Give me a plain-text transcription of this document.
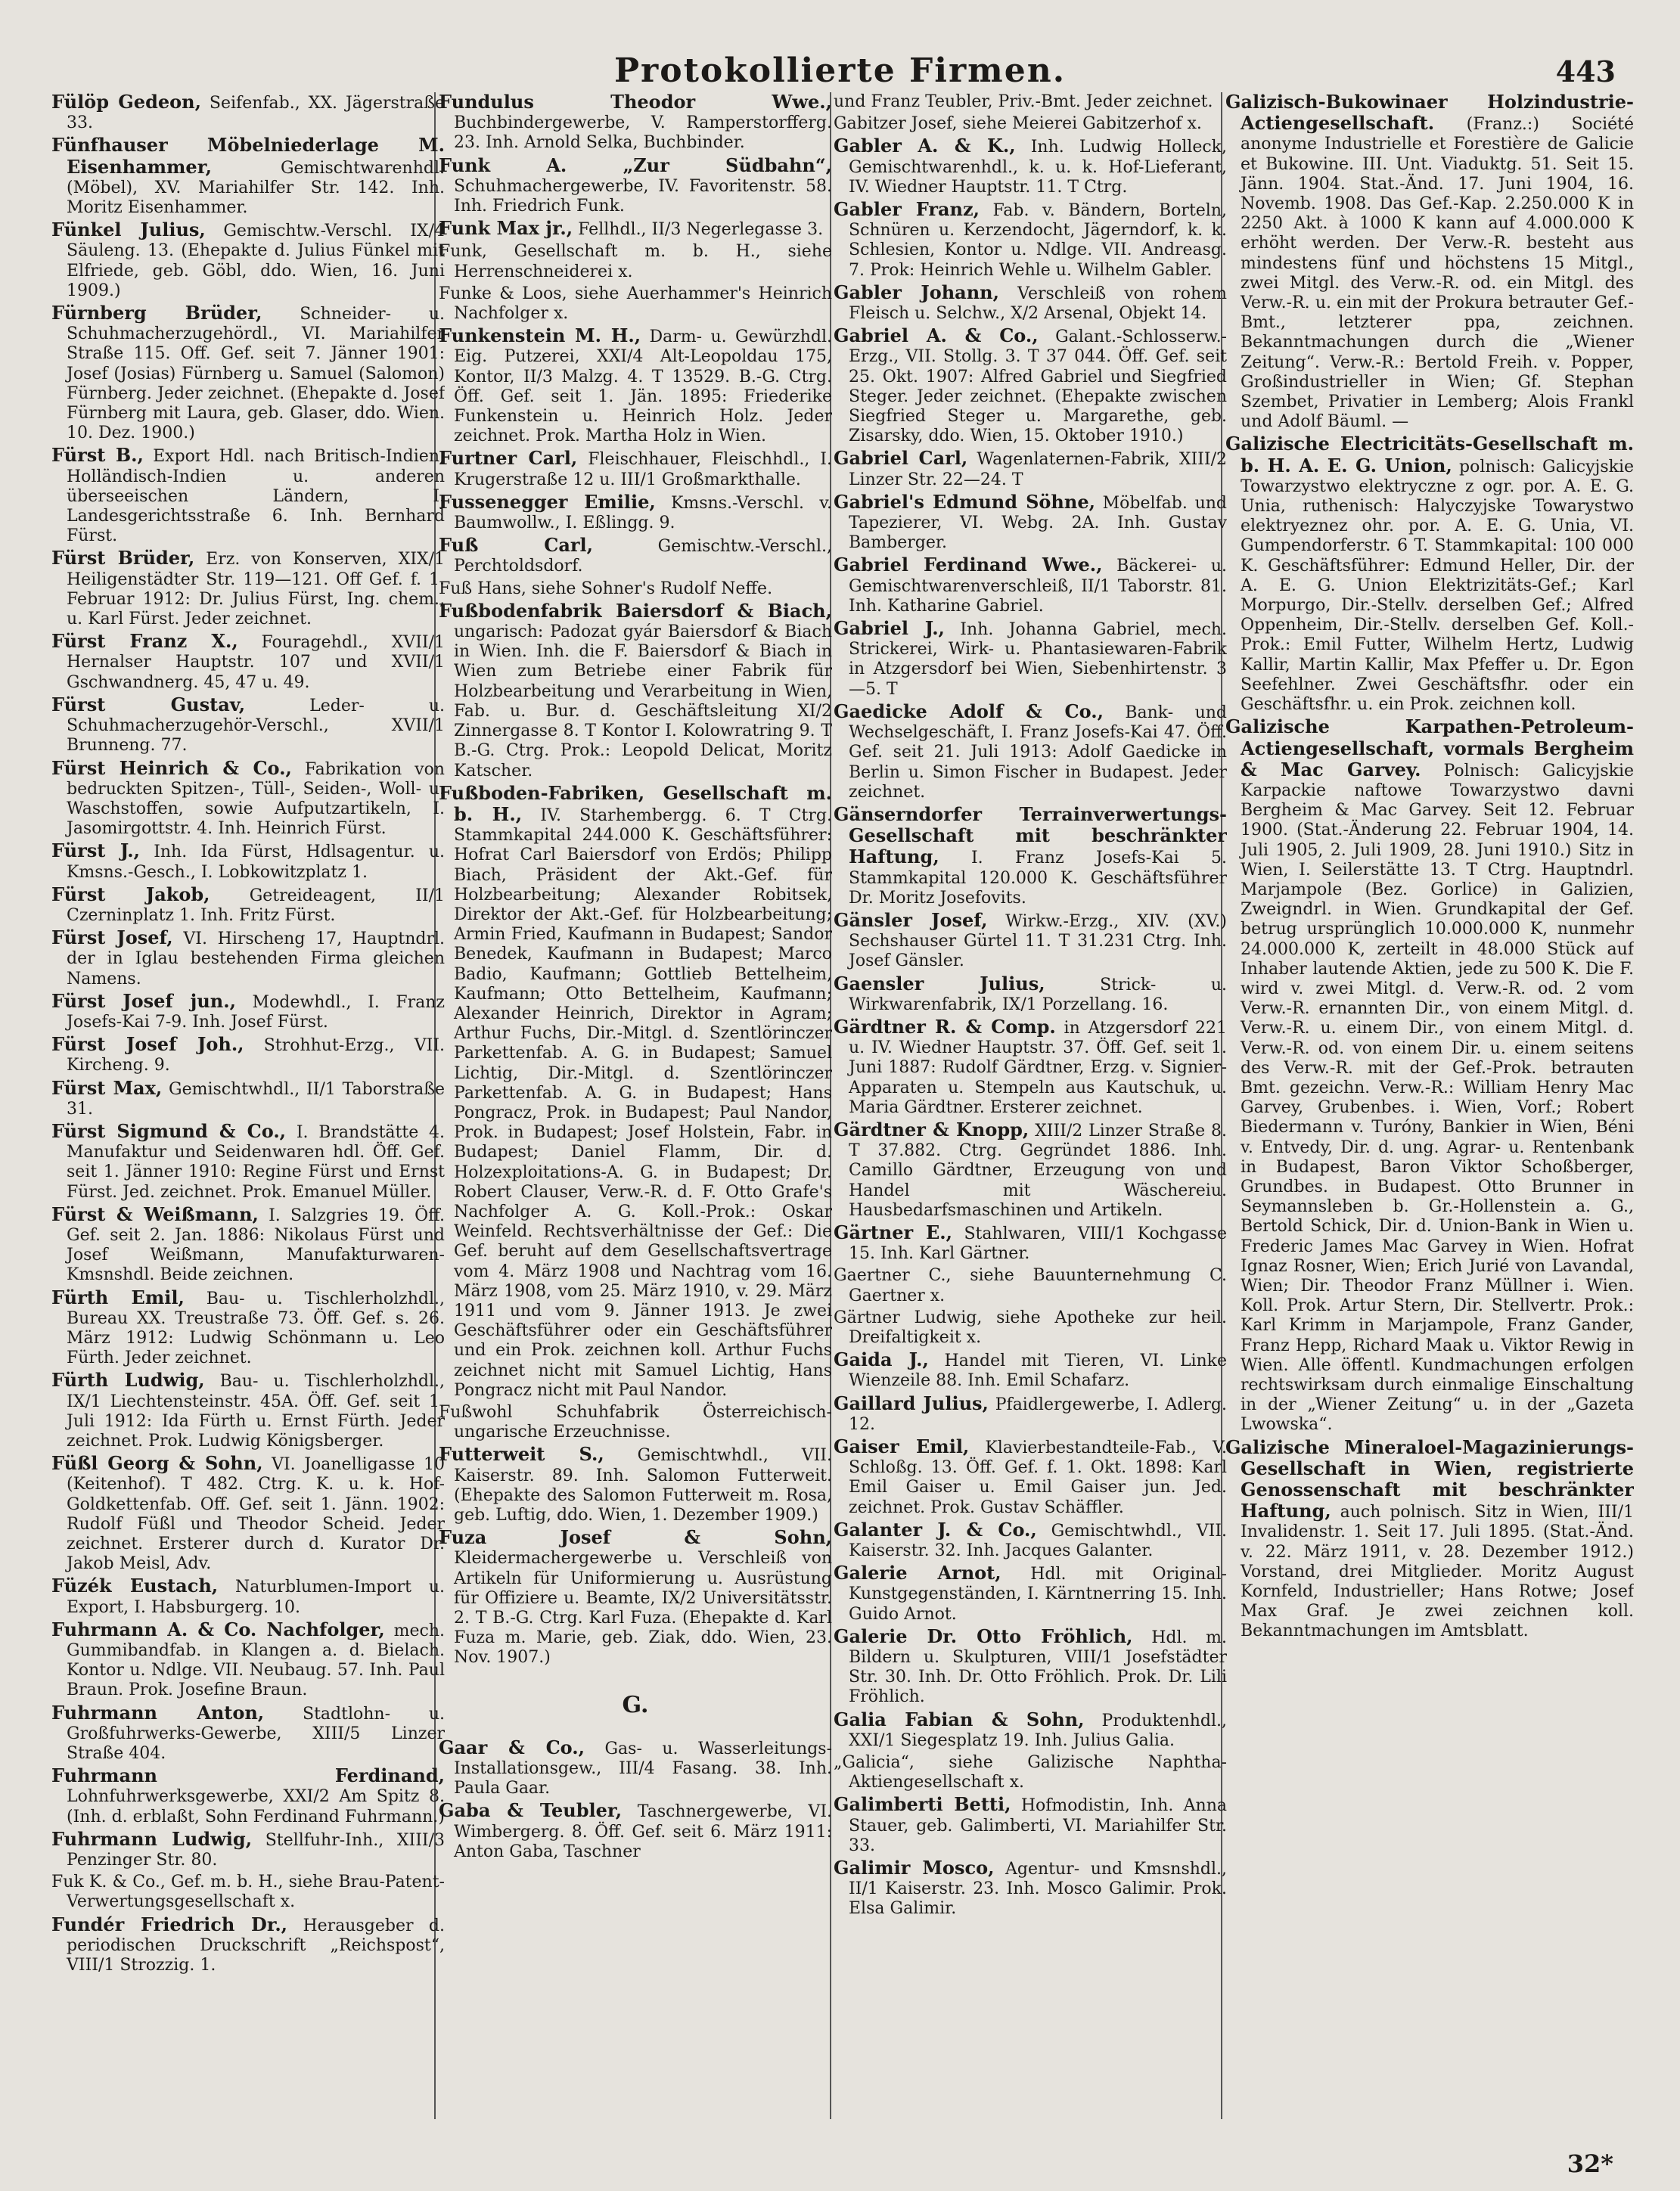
Protokollierte Firmen.	443
Fülöp Gedeon, Seifenfab., XX. Jägerstraße 33.
Fünfhauser Möbelniederlage M. Eisenhammer,	Gemischtwarenhdl. (Möbel), XV. Mariahilfer Str. 142. Inh. Moritz Eisenhammer.
Fünkel Julius, Gemischtw.-Verschl. IX/4 Säuleng. 13. (Ehepakte d. Julius Fünkel mit Elfriede, geb. Göbl, ddo. Wien, 16. Juni 1909.)
Fürnberg Brüder, Schneider- u. Schuhmacherzugehördl., VI. Mariahilfer Straße 115. Off. Gef. seit 7. Jänner 1901: Josef (Josias) Fürnberg u. Samuel (Salomon) Fürnberg. Jeder zeichnet. (Ehepakte d. Josef Fürnberg mit Laura, geb. Glaser, ddo. Wien. 10. Dez. 1900.)
Fürst B., Export Hdl. nach Britisch-Indien, Holländisch-Indien u. anderen überseeischen Ländern, I. Landesgerichtsstraße 6. Inh. Bernhard Fürst.
Fürst Brüder, Erz. von Konserven, XIX/1 Heiligenstädter Str. 119—121. Off Gef. f. 1. Februar 1912: Dr. Julius Fürst, Ing. chem., u. Karl Fürst. Jeder zeichnet.
Fürst Franz X., Fouragehdl., XVII/1 Hernalser Hauptstr. 107 und XVII/1 Gschwandnerg. 45, 47 u. 49.
Fürst Gustav,	Leder- u. Schuhmacherzugehör-Verschl., XVII/1 Brunneng. 77.
Fürst Heinrich & Co., Fabrikation von bedruckten Spitzen-, Tüll-, Seiden-, Woll- u. Waschstoffen, sowie Aufputzartikeln, I. Jasomirgottstr. 4. Inh. Heinrich Fürst.
Fürst J., Inh. Ida Fürst, Hdlsagentur. u. Kmsns.-Gesch., I. Lobkowitzplatz 1.
Fürst Jakob, Getreideagent, II/1 Czerninplatz 1. Inh. Fritz Fürst.
Fürst Josef, VI. Hirscheng 17, Hauptndrl. der in Iglau bestehenden Firma gleichen Namens.
Fürst Josef jun., Modewhdl., I. Franz Josefs-Kai 7-9. Inh. Josef Fürst.
Fürst Josef Joh., Strohhut-Erzg., VII. Kircheng. 9.
Fürst Max, Gemischtwhdl., II/1 Taborstraße 31.
Fürst Sigmund & Co., I. Brandstätte 4. Manufaktur und Seidenwaren hdl. Öff. Gef. seit 1. Jänner 1910: Regine Fürst und Ernst Fürst. Jed. zeichnet. Prok. Emanuel Müller.
Fürst & Weißmann, I. Salzgries 19. Öff. Gef. seit 2. Jan. 1886: Nikolaus Fürst und Josef Weißmann, Manufakturwaren-Kmsnshdl. Beide zeichnen.
Fürth Emil, Bau- u. Tischlerholzhdl., Bureau XX. Treustraße 73. Öff. Gef. s. 26. März 1912: Ludwig Schönmann u. Leo Fürth. Jeder zeichnet.
Fürth Ludwig, Bau- u. Tischlerholzhdl., IX/1 Liechtensteinstr. 45A. Öff. Gef. seit 1. Juli 1912: Ida Fürth u. Ernst Fürth. Jeder zeichnet. Prok. Ludwig Königsberger.
Füßl Georg & Sohn, VI. Joanelligasse 10 (Keitenhof). T 482. Ctrg. K. u. k. Hof-Goldkettenfab. Off. Gef. seit 1. Jänn. 1902: Rudolf Füßl und Theodor Scheid. Jeder zeichnet. Ersterer durch d. Kurator Dr. Jakob Meisl, Adv.
Füzék Eustach, Naturblumen-Import u. Export, I. Habsburgerg. 10.
Fuhrmann A. & Co. Nachfolger, mech. Gummibandfab. in Klangen a. d. Bielach. Kontor u. Ndlge. VII. Neubaug. 57. Inh. Paul Braun. Prok. Josefine Braun.
Fuhrmann Anton, Stadtlohn- u. Großfuhrwerks-Gewerbe, XIII/5 Linzer Straße 404.
Fuhrmann Ferdinand, Lohnfuhrwerksgewerbe, XXI/2 Am Spitz 8. (Inh. d. erblaßt, Sohn Ferdinand Fuhrmann.)
Fuhrmann Ludwig, Stellfuhr-Inh., XIII/3 Penzinger Str. 80.
Fuk K. & Co., Gef. m. b. H., siehe Brau-Patent-Verwertungsgesellschaft x.
Fundér Friedrich Dr., Herausgeber d. periodischen Druckschrift „Reichspost“, VIII/1 Strozzig. 1.
Fundulus Theodor Wwe., Buchbindergewerbe, V. Ramperstorfferg. 23. Inh. Arnold Selka, Buchbinder.
Funk A. „Zur Südbahn“, Schuhmachergewerbe, IV. Favoritenstr. 58. Inh. Friedrich Funk.
Funk Max jr., Fellhdl., II/3 Negerlegasse 3.
Funk, Gesellschaft m. b. H., siehe Herrenschneiderei x.
Funke & Loos, siehe Auerhammer's Heinrich Nachfolger x.
Funkenstein M. H., Darm- u. Gewürzhdl. Eig. Putzerei, XXI/4 Alt-Leopoldau 175, Kontor, II/3 Malzg. 4. T 13529. B.-G. Ctrg. Öff. Gef. seit 1. Jän. 1895: Friederike Funkenstein u. Heinrich Holz. Jeder zeichnet. Prok. Martha Holz in Wien.
Furtner Carl, Fleischhauer, Fleischhdl., I. Krugerstraße 12 u. III/1 Großmarkthalle.
Fussenegger Emilie, Kmsns.-Verschl. v. Baumwollw., I. Eßlingg. 9.
Fuß Carl,	Gemischtw.-Verschl., Perchtoldsdorf.
Fuß Hans, siehe Sohner's Rudolf Neffe.
Fußbodenfabrik Baiersdorf & Biach, ungarisch: Padozat gyár Baiersdorf & Biach in Wien. Inh. die F. Baiersdorf & Biach in Wien zum Betriebe einer Fabrik für Holzbearbeitung und Verarbeitung in Wien, Fab. u. Bur. d. Geschäftsleitung XI/2 Zinnergasse 8. T Kontor I. Kolowratring 9. T B.-G. Ctrg. Prok.: Leopold Delicat, Moritz Katscher.
Fußboden-Fabriken, Gesellschaft m. b. H., IV. Starhembergg. 6. T Ctrg. Stammkapital 244.000 K. Geschäftsführer: Hofrat Carl Baiersdorf von Erdös; Philipp Biach, Präsident der Akt.-Gef. für Holzbearbeitung; Alexander Robitsek, Direktor der Akt.-Gef. für Holzbearbeitung; Armin Fried, Kaufmann in Budapest; Sandor Benedek, Kaufmann in Budapest; Marco Badio, Kaufmann; Gottlieb Bettelheim, Kaufmann; Otto Bettelheim, Kaufmann; Alexander Heinrich, Direktor in Agram; Arthur Fuchs, Dir.-Mitgl. d. Szentlörinczer Parkettenfab. A. G. in Budapest; Samuel Lichtig, Dir.-Mitgl. d. Szentlörinczer Parkettenfab. A. G. in Budapest; Hans Pongracz, Prok. in Budapest; Paul Nandor, Prok. in Budapest; Josef Holstein, Fabr. in Budapest; Daniel Flamm, Dir. d. Holzexploitations-A. G. in Budapest; Dr. Robert Clauser, Verw.-R. d. F. Otto Grafe's Nachfolger A. G. Koll.-Prok.: Oskar Weinfeld. Rechtsverhältnisse der Gef.: Die Gef. beruht auf dem Gesellschaftsvertrage vom 4. März 1908 und Nachtrag vom 16. März 1908, vom 25. März 1910, v. 29. März 1911 und vom 9. Jänner 1913. Je zwei Geschäftsführer oder ein Geschäftsführer und ein Prok. zeichnen koll. Arthur Fuchs zeichnet nicht mit Samuel Lichtig, Hans Pongracz nicht mit Paul Nandor.
Fußwohl Schuhfabrik Österreichisch-ungarische Erzeuchnisse.
Futterweit S., Gemischtwhdl., VII. Kaiserstr. 89. Inh. Salomon Futterweit. (Ehepakte des Salomon Futterweit m. Rosa, geb. Luftig, ddo. Wien, 1. Dezember 1909.)
Fuza Josef & Sohn, Kleidermachergewerbe u. Verschleiß von Artikeln für Uniformierung u. Ausrüstung für Offiziere u. Beamte, IX/2 Universitätsstr. 2. T B.-G. Ctrg. Karl Fuza. (Ehepakte d. Karl Fuza m. Marie, geb. Ziak, ddo. Wien, 23. Nov. 1907.)
G.
Gaar & Co., Gas- u. Wasserleitungs-Installationsgew., III/4 Fasang. 38. Inh. Paula Gaar.
Gaba & Teubler, Taschnergewerbe, VI. Wimbergerg. 8. Öff. Gef. seit 6. März 1911: Anton Gaba, Taschner
und Franz Teubler, Priv.-Bmt. Jeder zeichnet.
Gabitzer Josef, siehe Meierei Gabitzerhof x.
Gabler A. & K., Inh. Ludwig Holleck, Gemischtwarenhdl., k. u. k. Hof-Lieferant, IV. Wiedner Hauptstr. 11. T Ctrg.
Gabler Franz, Fab. v. Bändern, Borteln, Schnüren u. Kerzendocht, Jägerndorf, k. k. Schlesien, Kontor u. Ndlge. VII. Andreasg. 7. Prok: Heinrich Wehle u. Wilhelm Gabler.
Gabler Johann, Verschleiß von rohem Fleisch u. Selchw., X/2 Arsenal, Objekt 14.
Gabriel A. & Co., Galant.-Schlosserw.-Erzg., VII. Stollg. 3. T 37 044. Öff. Gef. seit 25. Okt. 1907: Alfred Gabriel und Siegfried Steger. Jeder zeichnet. (Ehepakte zwischen Siegfried Steger u. Margarethe, geb. Zisarsky, ddo. Wien, 15. Oktober 1910.)
Gabriel Carl, Wagenlaternen-Fabrik, XIII/2 Linzer Str. 22—24. T
Gabriel's Edmund Söhne, Möbelfab. und Tapezierer, VI. Webg. 2A. Inh. Gustav Bamberger.
Gabriel Ferdinand Wwe., Bäckerei- u. Gemischtwarenverschleiß, II/1 Taborstr. 81. Inh. Katharine Gabriel.
Gabriel J., Inh. Johanna Gabriel, mech. Strickerei, Wirk- u. Phantasiewaren-Fabrik in Atzgersdorf bei Wien, Siebenhirtenstr. 3 —5. T
Gaedicke Adolf & Co., Bank- und Wechselgeschäft, I. Franz Josefs-Kai 47. Öff. Gef. seit 21. Juli 1913: Adolf Gaedicke in Berlin u. Simon Fischer in Budapest. Jeder zeichnet.
Gänserndorfer Terrainverwertungs-Gesellschaft mit beschränkter Haftung, I. Franz Josefs-Kai 5. Stammkapital 120.000 K. Geschäftsführer Dr. Moritz Josefovits.
Gänsler Josef, Wirkw.-Erzg., XIV. (XV.) Sechshauser Gürtel 11. T 31.231 Ctrg. Inh. Josef Gänsler.
Gaensler Julius,	Strick- u. Wirkwarenfabrik, IX/1 Porzellang. 16.
Gärdtner R. & Comp. in Atzgersdorf 221 u. IV. Wiedner Hauptstr. 37. Öff. Gef. seit 1. Juni 1887: Rudolf Gärdtner, Erzg. v. Signier-Apparaten u. Stempeln aus Kautschuk, u. Maria Gärdtner. Ersterer zeichnet.
Gärdtner & Knopp, XIII/2 Linzer Straße 8. T 37.882. Ctrg. Gegründet 1886. Inh. Camillo Gärdtner, Erzeugung von und Handel mit Wäschereiu. Hausbedarfsmaschinen und Artikeln.
Gärtner E., Stahlwaren, VIII/1 Kochgasse 15. Inh. Karl Gärtner.
Gaertner C., siehe Bauunternehmung C. Gaertner x.
Gärtner Ludwig, siehe Apotheke zur heil. Dreifaltigkeit x.
Gaida J., Handel mit Tieren, VI. Linke Wienzeile 88. Inh. Emil Schafarz.
Gaillard Julius, Pfaidlergewerbe, I. Adlerg. 12.
Gaiser Emil, Klavierbestandteile-Fab., V. Schloßg. 13. Öff. Gef. f. 1. Okt. 1898: Karl Emil Gaiser u. Emil Gaiser jun. Jed. zeichnet. Prok. Gustav Schäffler.
Galanter J. & Co., Gemischtwhdl., VII. Kaiserstr. 32. Inh. Jacques Galanter.
Galerie Arnot, Hdl. mit Original-Kunstgegenständen, I. Kärntnerring 15. Inh. Guido Arnot.
Galerie Dr. Otto Fröhlich, Hdl. m. Bildern u. Skulpturen, VIII/1 Josefstädter Str. 30. Inh. Dr. Otto Fröhlich. Prok. Dr. Lili Fröhlich.
Galia Fabian & Sohn, Produktenhdl., XXI/1 Siegesplatz 19. Inh. Julius Galia.
„Galicia“, siehe Galizische Naphtha-Aktiengesellschaft x.
Galimberti Betti, Hofmodistin, Inh. Anna Stauer, geb. Galimberti, VI. Mariahilfer Str. 33.
Galimir Mosco, Agentur- und Kmsnshdl., II/1 Kaiserstr. 23. Inh. Mosco Galimir. Prok. Elsa Galimir.
Galizisch-Bukowinaer Holzindustrie-Actiengesellschaft. (Franz.:) Société anonyme Industrielle et Forestière de Galicie et Bukowine. III. Unt. Viaduktg. 51. Seit 15. Jänn. 1904. Stat.-Änd. 17. Juni 1904, 16. Novemb. 1908. Das Gef.-Kap. 2.250.000 K in 2250 Akt. à 1000 K kann auf 4.000.000 K erhöht werden. Der Verw.-R. besteht aus mindestens fünf und höchstens 15 Mitgl., zwei Mitgl. des Verw.-R. od. ein Mitgl. des Verw.-R. u. ein mit der Prokura betrauter Gef.-Bmt., letzterer ppa, zeichnen. Bekanntmachungen durch die „Wiener Zeitung“. Verw.-R.: Bertold Freih. v. Popper, Großindustrieller in Wien; Gf. Stephan Szembet, Privatier in Lemberg; Alois Frankl und Adolf Bäuml. —
Galizische Electricitäts-Gesellschaft m. b. H. A. E. G. Union, polnisch: Galicyjskie Towarzystwo elektryczne z ogr. por. A. E. G. Unia, ruthenisch: Halyczyjske Towarystwo elektryeznez ohr. por. A. E. G. Unia, VI. Gumpendorferstr. 6 T. Stammkapital: 100 000 K. Geschäftsführer: Edmund Heller, Dir. der A. E. G. Union Elektrizitäts-Gef.; Karl Morpurgo, Dir.-Stellv. derselben Gef.; Alfred Oppenheim, Dir.-Stellv. derselben Gef. Koll.-Prok.: Emil Futter, Wilhelm Hertz, Ludwig Kallir, Martin Kallir, Max Pfeffer u. Dr. Egon Seefehlner. Zwei Geschäftsfhr. oder ein Geschäftsfhr. u. ein Prok. zeichnen koll.
Galizische Karpathen-Petroleum-Actiengesellschaft, vormals Bergheim & Mac Garvey. Polnisch: Galicyjskie Karpackie naftowe Towarzystwo davni Bergheim & Mac Garvey. Seit 12. Februar 1900. (Stat.-Änderung 22. Februar 1904, 14. Juli 1905, 2. Juli 1909, 28. Juni 1910.) Sitz in Wien, I. Seilerstätte 13. T Ctrg. Hauptndrl. Marjampole (Bez. Gorlice) in Galizien, Zweigndrl. in Wien. Grundkapital der Gef. betrug ursprünglich 10.000.000 K, nunmehr 24.000.000 K, zerteilt in 48.000 Stück auf Inhaber lautende Aktien, jede zu 500 K. Die F. wird v. zwei Mitgl. d. Verw.-R. od. 2 vom Verw.-R. ernannten Dir., von einem Mitgl. d. Verw.-R. u. einem Dir., von einem Mitgl. d. Verw.-R. od. von einem Dir. u. einem seitens des Verw.-R. mit der Gef.-Prok. betrauten Bmt. gezeichn. Verw.-R.: William Henry Mac Garvey, Grubenbes. i. Wien, Vorf.; Robert Biedermann v. Turóny, Bankier in Wien, Béni v. Entvedy, Dir. d. ung. Agrar- u. Rentenbank in Budapest, Baron Viktor Schoßberger, Grundbes. in Budapest. Otto Brunner in Seymannsleben b. Gr.-Hollenstein a. G., Bertold Schick, Dir. d. Union-Bank in Wien u. Frederic James Mac Garvey in Wien. Hofrat Ignaz Rosner, Wien; Erich Jurié von Lavandal, Wien; Dir. Theodor Franz Müllner i. Wien. Koll. Prok. Artur Stern, Dir. Stellvertr. Prok.: Karl Krimm in Marjampole, Franz Gander, Franz Hepp, Richard Maak u. Viktor Rewig in Wien. Alle öffentl. Kundmachungen erfolgen rechtswirksam durch einmalige Einschaltung in der „Wiener Zeitung“ u. in der „Gazeta Lwowska“.
Galizische Mineraloel-Magazinierungs-Gesellschaft in Wien, registrierte Genossenschaft mit beschränkter Haftung, auch polnisch. Sitz in Wien, III/1 Invalidenstr. 1. Seit 17. Juli 1895. (Stat.-Änd. v. 22. März 1911, v. 28. Dezember 1912.) Vorstand, drei Mitglieder. Moritz August Kornfeld, Industrieller; Hans Rotwe; Josef Max Graf. Je zwei zeichnen koll. Bekanntmachungen im Amtsblatt.
32*
